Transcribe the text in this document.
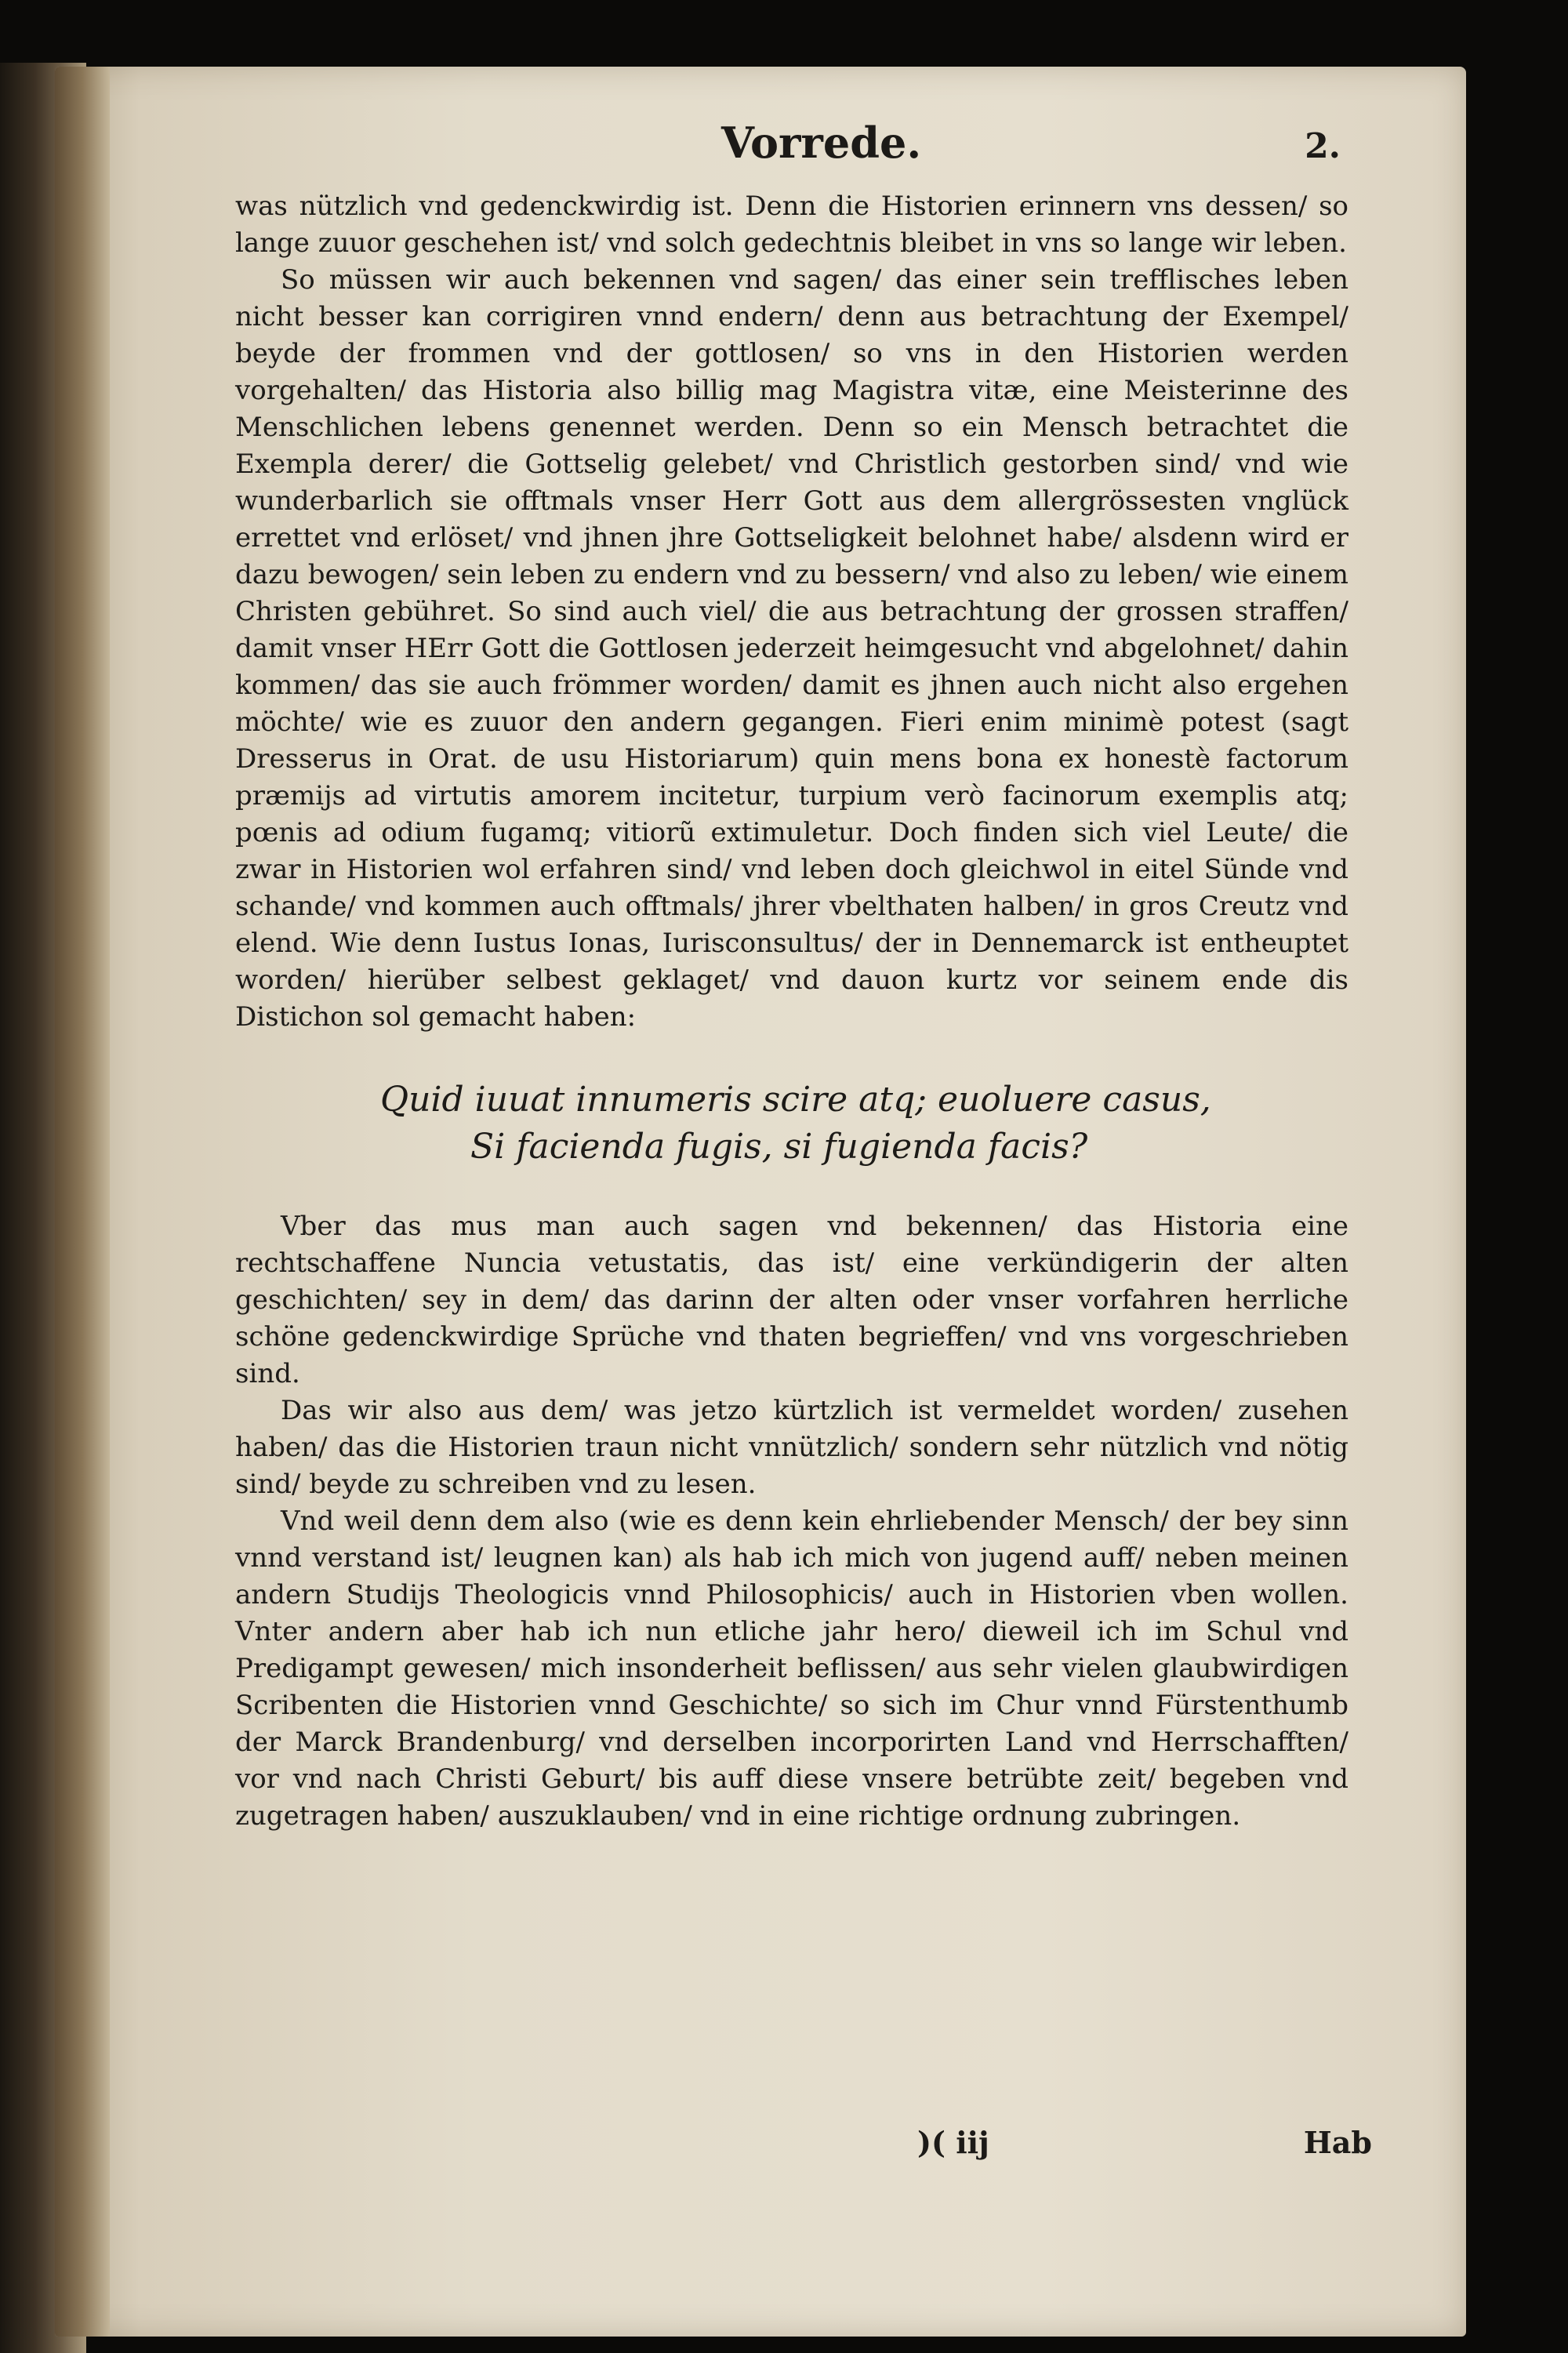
Vorrede.	2.

was nützlich vnd gedenckwirdig ist. Denn die Historien erinnern vns dessen/ so lange zuuor geschehen ist/ vnd solch gedechtnis bleibet in vns so lange wir leben.

So müssen wir auch bekennen vnd sagen/ das einer sein trefflisches leben nicht besser kan corrigiren vnnd endern/ denn aus betrachtung der Exempel/ beyde der frommen vnd der gottlosen/ so vns in den Historien werden vorgehalten/ das Historia also billig mag Magistra vitæ, eine Meisterinne des Menschlichen lebens genennet werden. Denn so ein Mensch betrachtet die Exempla derer/ die Gottselig gelebet/ vnd Christlich gestorben sind/ vnd wie wunderbarlich sie offtmals vnser Herr Gott aus dem allergrössesten vnglück errettet vnd erlöset/ vnd jhnen jhre Gottseligkeit belohnet habe/ alsdenn wird er dazu bewogen/ sein leben zu endern vnd zu bessern/ vnd also zu leben/ wie einem Christen gebühret. So sind auch viel/ die aus betrachtung der grossen straffen/ damit vnser HErr Gott die Gottlosen jederzeit heimgesucht vnd abgelohnet/ dahin kommen/ das sie auch frömmer worden/ damit es jhnen auch nicht also ergehen möchte/ wie es zuuor den andern gegangen. Fieri enim minimè potest (sagt Dresserus in Orat. de usu Historiarum) quin mens bona ex honestè factorum præmijs ad virtutis amorem incitetur, turpium verò facinorum exemplis atq; pœnis ad odium fugamq; vitiorũ extimuletur. Doch finden sich viel Leute/ die zwar in Historien wol erfahren sind/ vnd leben doch gleichwol in eitel Sünde vnd schande/ vnd kommen auch offtmals/ jhrer vbelthaten halben/ in gros Creutz vnd elend. Wie denn Iustus Ionas, Iurisconsultus/ der in Dennemarck ist entheuptet worden/ hierüber selbest geklaget/ vnd dauon kurtz vor seinem ende dis Distichon sol gemacht haben:

Quid iuuat innumeris scire atq; euoluere casus,
Si facienda fugis, si fugienda facis?

Vber das mus man auch sagen vnd bekennen/ das Historia eine rechtschaffene Nuncia vetustatis, das ist/ eine verkündigerin der alten geschichten/ sey in dem/ das darinn der alten oder vnser vorfahren herrliche schöne gedenckwirdige Sprüche vnd thaten begrieffen/ vnd vns vorgeschrieben sind.

Das wir also aus dem/ was jetzo kürtzlich ist vermeldet worden/ zusehen haben/ das die Historien traun nicht vnnützlich/ sondern sehr nützlich vnd nötig sind/ beyde zu schreiben vnd zu lesen.

Vnd weil denn dem also (wie es denn kein ehrliebender Mensch/ der bey sinn vnnd verstand ist/ leugnen kan) als hab ich mich von jugend auff/ neben meinen andern Studijs Theologicis vnnd Philosophicis/ auch in Historien vben wollen. Vnter andern aber hab ich nun etliche jahr hero/ dieweil ich im Schul vnd Predigampt gewesen/ mich insonderheit beflissen/ aus sehr vielen glaubwirdigen Scribenten die Historien vnnd Geschichte/ so sich im Chur vnnd Fürstenthumb der Marck Brandenburg/ vnd derselben incorporirten Land vnd Herrschafften/ vor vnd nach Christi Geburt/ bis auff diese vnsere betrübte zeit/ begeben vnd zugetragen haben/ auszuklauben/ vnd in eine richtige ordnung zubringen.

)( iij	Hab
